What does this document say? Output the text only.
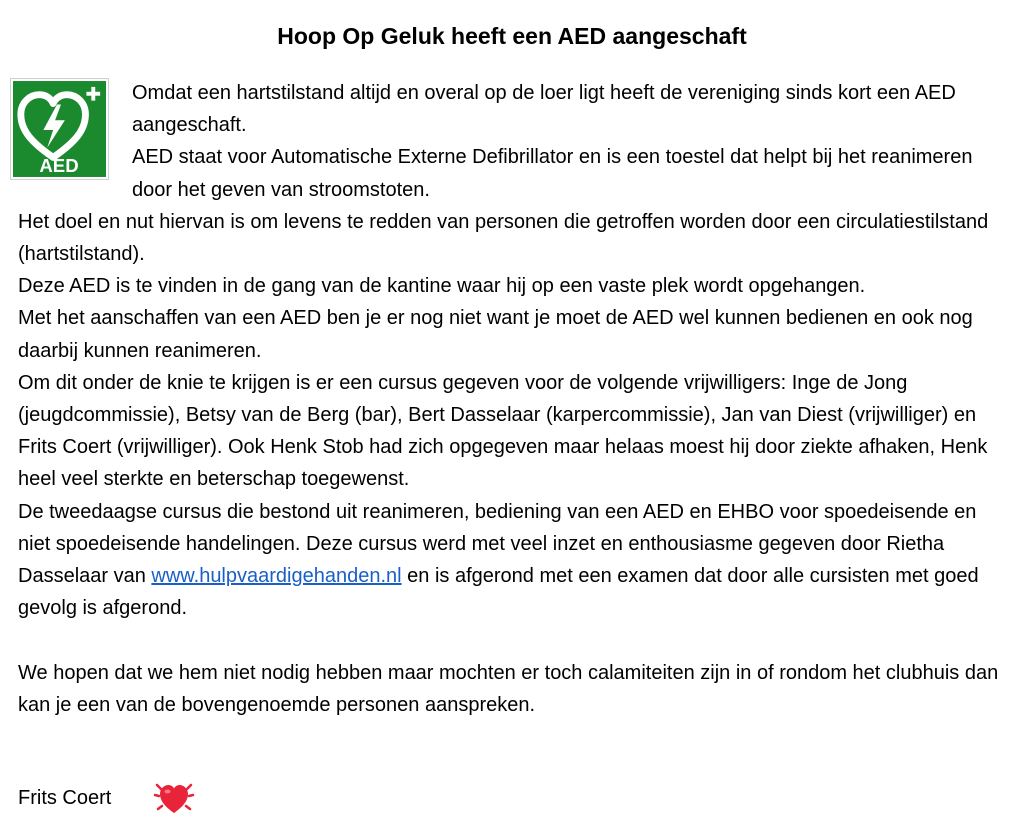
Hoop Op Geluk heeft een AED aangeschaft
AED
Omdat een hartstilstand altijd en overal op de loer ligt heeft de vereniging sinds kort een AED aangeschaft.
AED staat voor Automatische Externe Defibrillator en is een toestel dat helpt bij het reanimeren door het geven van stroomstoten.
Het doel en nut hiervan is om levens te redden van personen die getroffen worden door een circulatiestilstand (hartstilstand).
Deze AED is te vinden in de gang van de kantine waar hij op een vaste plek wordt opgehangen.
Met het aanschaffen van een AED ben je er nog niet want je moet de AED wel kunnen bedienen en ook nog daarbij kunnen reanimeren.
Om dit onder de knie te krijgen is er een cursus gegeven voor de volgende vrijwilligers: Inge de Jong (jeugdcommissie), Betsy van de Berg (bar), Bert Dasselaar (karpercommissie), Jan van Diest (vrijwilliger) en Frits Coert (vrijwilliger). Ook Henk Stob had zich opgegeven maar helaas moest hij door ziekte afhaken, Henk heel veel sterkte en beterschap toegewenst.
De tweedaagse cursus die bestond uit reanimeren, bediening van een AED en EHBO voor spoedeisende en niet spoedeisende handelingen. Deze cursus werd met veel inzet en enthousiasme gegeven door Rietha Dasselaar van www.hulpvaardigehanden.nl en is afgerond met een examen dat door alle cursisten met goed gevolg is afgerond.
We hopen dat we hem niet nodig hebben maar mochten er toch calamiteiten zijn in of rondom het clubhuis dan kan je een van de bovengenoemde personen aanspreken.
Frits Coert
